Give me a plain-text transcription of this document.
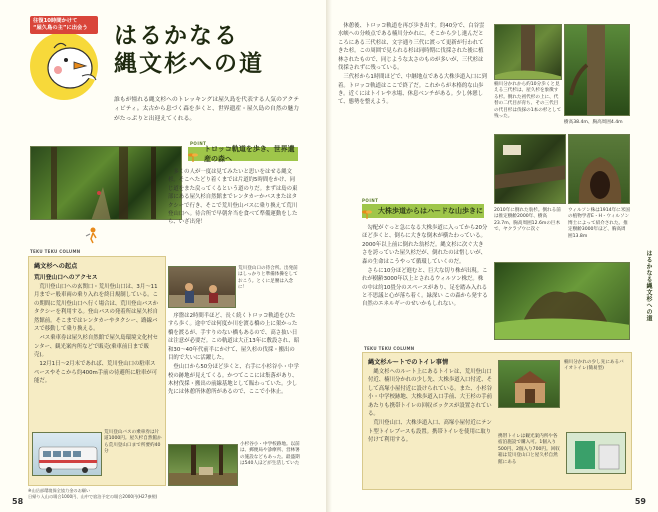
往復10時間かけて
“屋久島の主”に出会う	はるかなる
縄文杉への道
誰もが憧れる縄文杉へのトレッキングは屋久島を代表する人気のアクティビティ。太古から息づく森を歩くと、世界遺産・屋久島の自然の魅力がたっぷりと出迎えてくれる。
POINT
トロッコ軌道を歩き、世界遺産の森へ

多くの人が一度は見てみたいと思いをはせる縄文杉。そこへたどり着くまでは片道約5時間をかけ、同じ道をまた戻ってくるという道のりだ。まずは島の東部にある屋久杉自然館までレンタカーかバスまたはタクシーで行き、そこで荒川登山バスに乗り換えて荒川登山口へ。待合所で早朝弁当を食べて準備運動をしたら、いざ出発！

TEKU TEKU COLUMN
縄文杉への起点
荒川登山口へのアクセス

荒川登山口への玄関口・荒川登山口は、3月～11月までー般車両の乗り入れを終日規制している。この期間に荒川登山口へ行く場合は、荒川登山バスかタクシーを利用する。登山バスの発着所は屋久杉自然館前。そこまではレンタカーやタクシー、路線バスで移動して乗り換える。

バス乗車券は屋久杉自然館で屋久島環境文化村センター、観光案内所などで販売(乗車前日まで販売)。

12月1日～2月末であれば、荒川登山口の駐車スペースやそこから約400m手前の待避所に駐車が可能だ。

荒川登山バスの乗車券は片道1000円。屋久杉自然館から荒川登山口まで所要約40分
荒川登山口の待合所。出発前はしっかりと準備体操をしておこう。とくに足腰は入念に！

序盤は2時間半ほど、長く続くトロッコ軌道をひたすら歩く。途中では何度か川を渡る橋の上に架かった橋を渡るが、手すりのない橋もあるので、高さ抜い日は注意が必要だ。この軌道は大正13年に敷設され、昭和30～40年代前半にかけて、屋久杉の伐採・搬出の目的で大いに活躍した。

登山口から50分ほど歩くと、右手に小杉谷小・中学校の跡地が見えてくる。かつてここには集落があり、木材伐採・搬出の前線基地として賑わっていた。少し先には休憩所休憩所があるので、ここで小休止。

小杉谷小・中学校跡地。以前は、郵便局や診療所、営林署の施設などもあった。最盛期は540人ほどが生活していた
※山岳部環境保全協力金のお願い
日帰り入山の場合1000円、山中で宿泊予定の場合2000円(H27参照)
58

休憩後、トロッコ軌道を再び歩き出す。約40分で、白谷雲水峡への分岐点である楠川分かれに。そこから少し進んだところにある三代杉は、文字通り三代に渡って更新が行われてきた杉。この周囲で見られる杉は同時期に伐採された後に植林されたもので、同じような太さのものが多いが、三代杉は伐採されずに残っている。

三代杉から1時間ほどで、中継地点である大株歩道入口に到着。トロッコ軌道はここで終了だ。これからが本格的な山歩き。近くにはトイレや水場、休息ベンチがある。少し休憩して、態勢を整えよう。

楠川分かれから約10分歩くと見える三代杉は、屋久杉を象徴する杉。倒れた初代杉の上に、代替の二代目が育ち、その三代目の代目杉は伐採の1本の杉として残った。
樹高38.4m、胸高周囲4.4m
POINT
大株歩道からはハードな山歩きに 2010年に倒れた翁杉。倒れる前は推定樹齢2000年、樹高23.7m、胸高周囲12.6mの巨木で、ヤクラゾウに次ぐ
ウィルソン株は1914年に米国の植物学者E・H・ウィルソン博士によって紹介された。推定樹齢3000年ほど、胸高周囲13.8m

勾配がぐっと急になる大株歩道に入ってから20分ほど歩くと、倒らに大きな倒木が横たわっている。2000年以上前に倒れた翁杉だ。縄文杉に次ぐ大きさを誇っていた屋久杉だが、倒れたのは惜しいが、森の生命はこうやって循環していくのだ。

さらに10分ほど進むと、巨大な切り株が出現。これが樹齢3000年以上とされるウィルソン株だ。株の中は約10畳分のスペースがあり、足を踏み入れると不思議と心が落ち着く。緑深い この森から発する自然のエネルギーのせいかもしれない。

TEKU TEKU COLUMN
縄文杉ルートでのトイレ事情

縄文杉へのルート上にあるトイレは、荒川登山口付近、楠川分かれの少し先、大株歩道入口付近、そして高塚小屋付近に設けられている。また、小杉谷小・中学校跡地、大株歩道入口手前、大王杉の手前あたりも携帯トイレの回収ボックスが設置されている。

荒川登山口、大株歩道入口、高塚小屋付近にテント型トイレブースも設置。携帯トイレを使用に取り付けて利用する。

楠川分かれの少し先にあるバイオトイレ(簡易型)
携帯トイレは観光案内所や各宿泊施設で購入可。1個入り500円、2個入り700円。回収箱は荒川登山口と屋久杉自然館にある
はるかなる縄文杉への道
59
